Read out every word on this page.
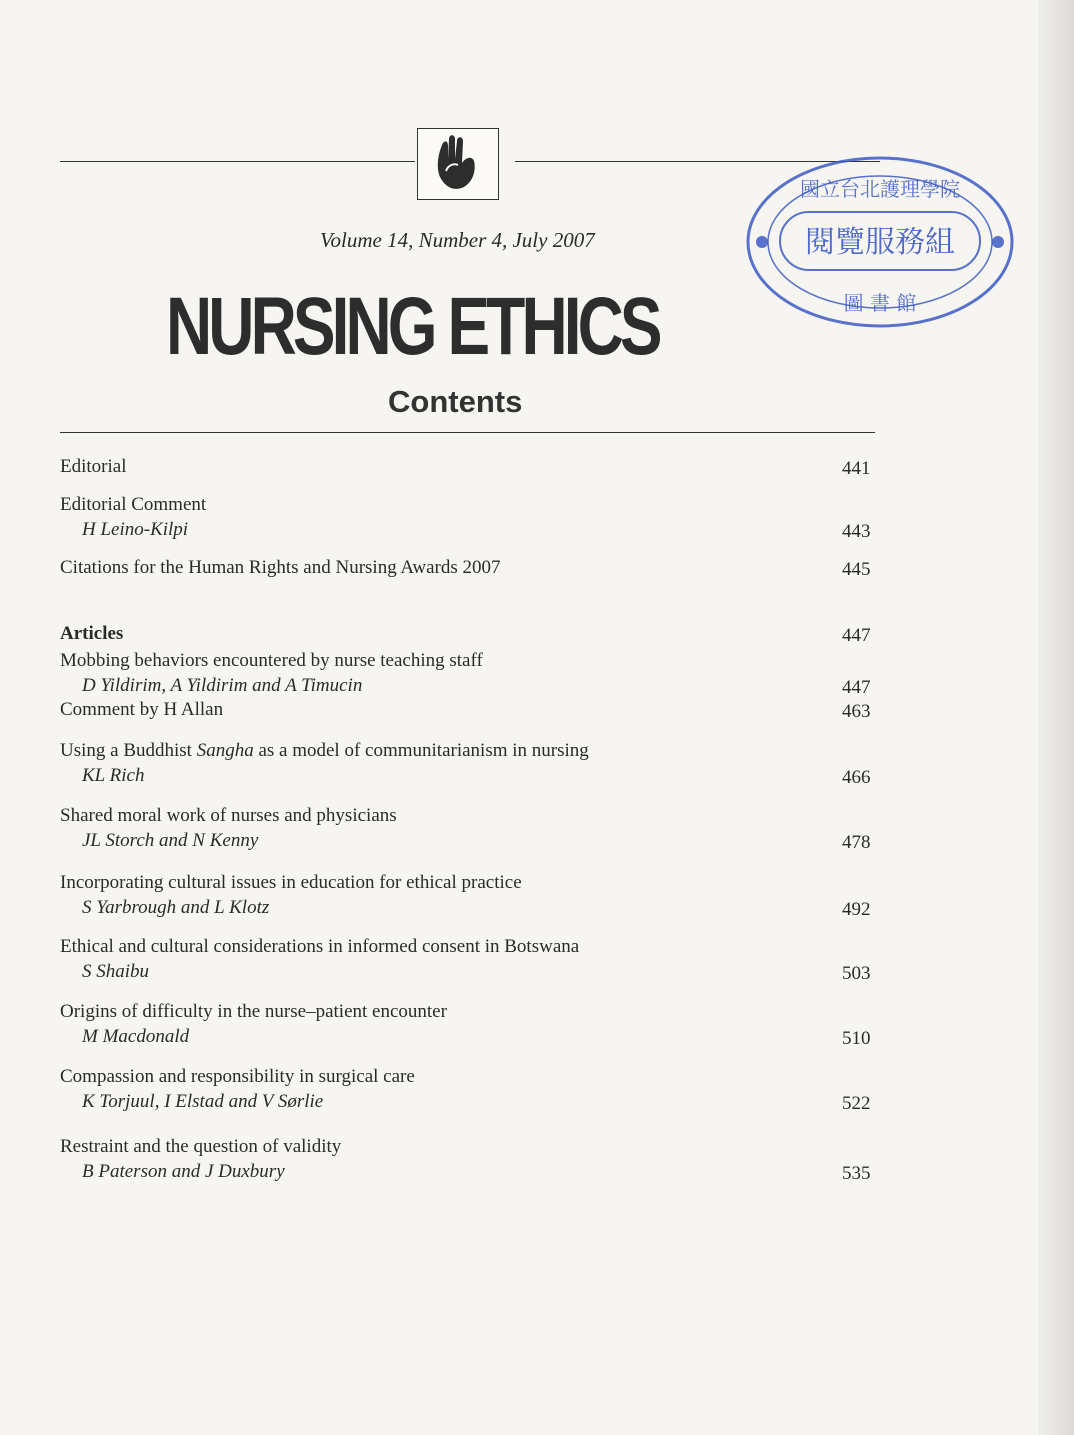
Volume 14, Number 4, July 2007
NURSING ETHICS
Contents
Editorial	441
Editorial Comment
H Leino-Kilpi	443
Citations for the Human Rights and Nursing Awards 2007	445
Articles	447
Mobbing behaviors encountered by nurse teaching staff
D Yildirim, A Yildirim and A Timucin	447
Comment by H Allan	463
Using a Buddhist Sangha as a model of communitarianism in nursing
KL Rich	466
Shared moral work of nurses and physicians
JL Storch and N Kenny	478
Incorporating cultural issues in education for ethical practice
S Yarbrough and L Klotz	492
Ethical and cultural considerations in informed consent in Botswana
S Shaibu	503
Origins of difficulty in the nurse–patient encounter
M Macdonald	510
Compassion and responsibility in surgical care
K Torjuul, I Elstad and V Sørlie	522
Restraint and the question of validity
B Paterson and J Duxbury	535
閱覽服務組
國立台北護理學院
圖 書 館
